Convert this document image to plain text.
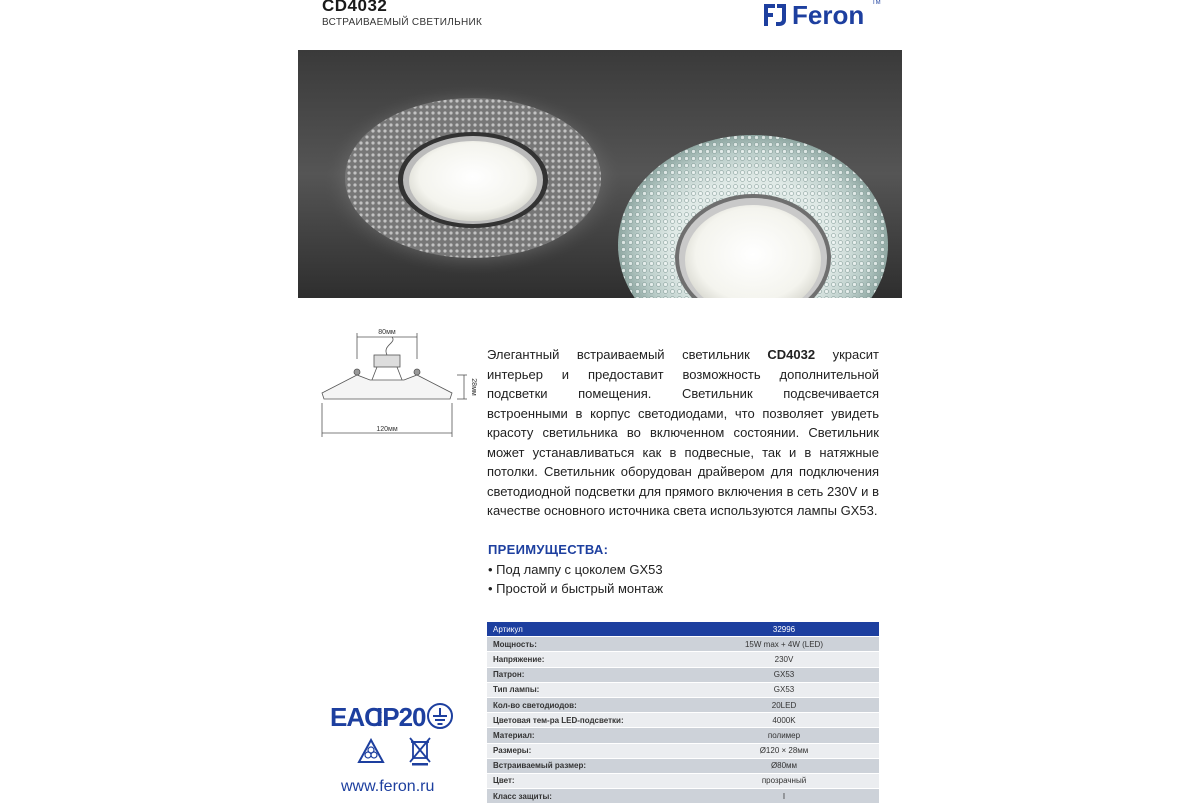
CD4032
ВСТРАИВАЕМЫЙ СВЕТИЛЬНИК	Feron TM
80мм
120мм
28мм
Элегантный встраиваемый светильник CD4032 украсит интерьер и предоставит возможность дополнительной подсветки помещения. Светильник подсвечивается встроенными в корпус светодиодами, что позволяет увидеть красоту светильника во включенном состоянии. Светильник может устанавливаться как в подвесные, так и в натяжные потолки. Светильник оборудован драйвером для подключения светодиодной подсветки для прямого включения в сеть 230V и в качестве основного источника света используются лампы GX53.
ПРЕИМУЩЕСТВА:
• Под лампу с цоколем GX53
• Простой и быстрый монтаж
Артикул	32996
Мощность:	15W max + 4W (LED)
Напряжение:	230V
Патрон:	GX53
Тип лампы:	GX53
Кол-во светодиодов:	20LED
Цветовая тем-ра LED-подсветки:	4000K
Материал:	полимер
Размеры:	Ø120 × 28мм
Встраиваемый размер:	Ø80мм
Цвет:	прозрачный
Класс защиты:	I
EAC
IP20
www.feron.ru
